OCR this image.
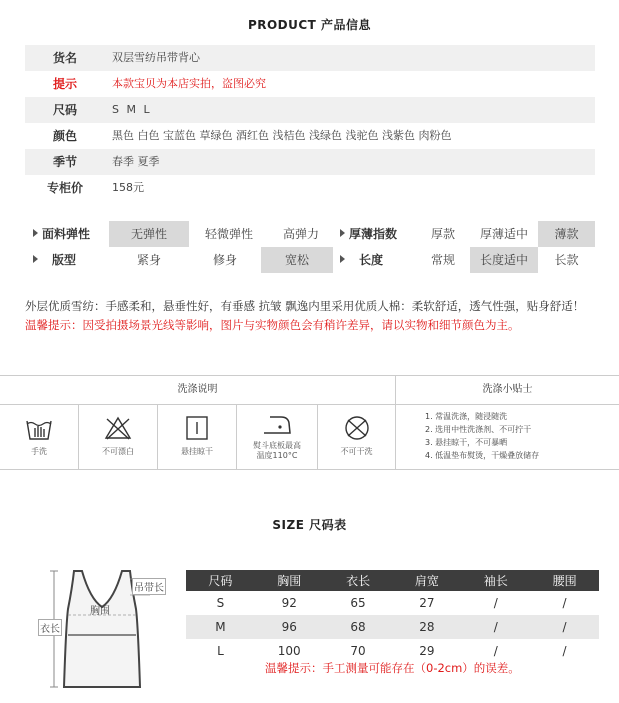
PRODUCT 产品信息
货名	双层雪纺吊带背心
提示	本款宝贝为本店实拍，盗图必究
尺码	S M L
颜色	黑色 白色 宝蓝色 草绿色 酒红色 浅桔色 浅绿色 浅驼色 浅紫色 肉粉色
季节	春季 夏季
专柜价	158元
面料弹性	无弹性	轻微弹性	高弹力	厚薄指数	厚款	厚薄适中	薄款
版型	紧身	修身	宽松	长度	常规	长度适中	长款
外层优质雪纺：手感柔和，悬垂性好，有垂感 抗皱 飘逸内里采用优质人棉：柔软舒适，透气性强，贴身舒适！
温馨提示：因受拍摄场景光线等影响，图片与实物颜色会有稍许差异，请以实物和细节颜色为主。
洗涤说明	洗涤小贴士
手洗	不可漂白	悬挂晾干
熨斗底板最高
温度110°C	不可干洗
1. 常温洗涤，随浸随洗
2. 选用中性洗涤剂、不可拧干
3. 悬挂晾干，不可暴晒
4. 低温垫布熨烫，干燥叠放储存
SIZE 尺码表
吊带长
胸围
衣长
尺码	胸围	衣长	肩宽	袖长	腰围
S	92	65	27	/	/
M	96	68	28	/	/
L	100	70	29	/	/
温馨提示：手工测量可能存在（0-2cm）的误差。
